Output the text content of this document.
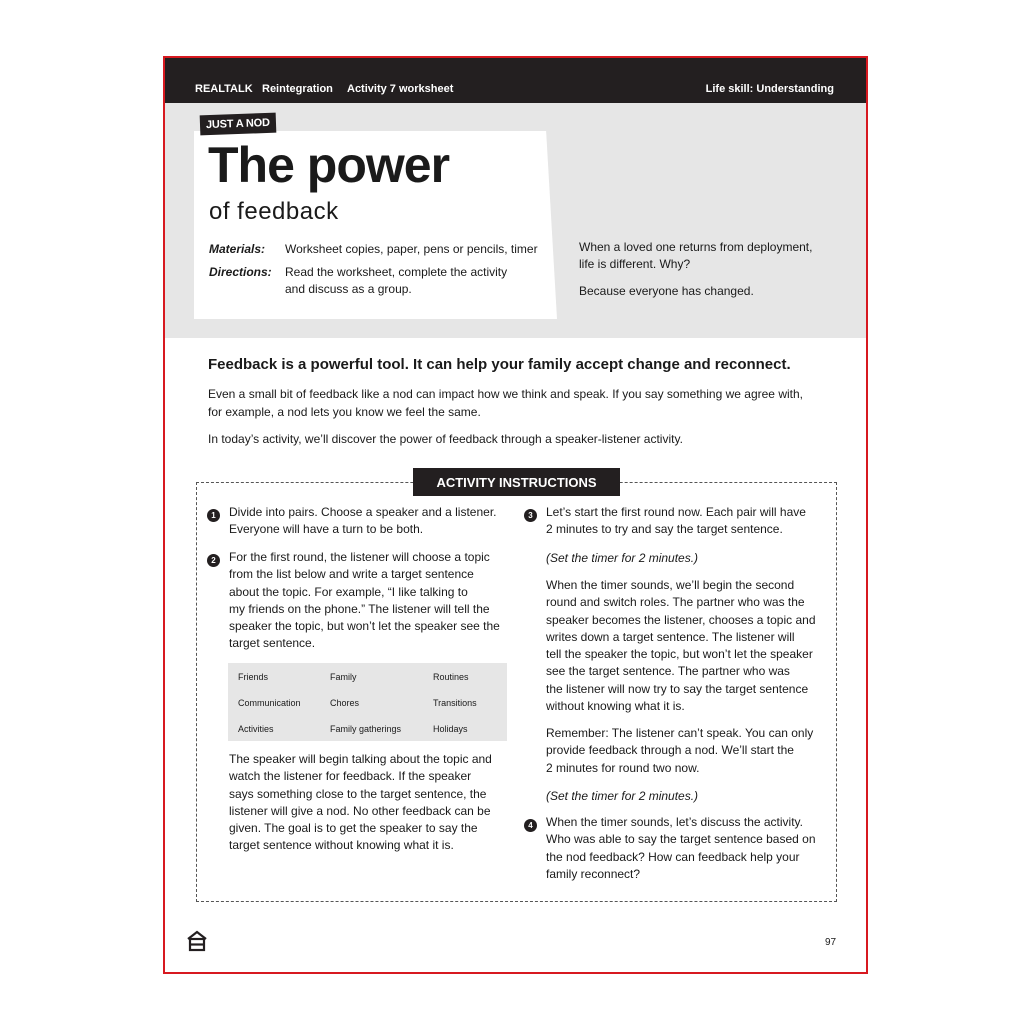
REALTALK Reintegration Activity 7 worksheet	Life skill: Understanding
When a loved one returns from deployment,
life is different. Why?
Because everyone has changed.
JUST A NOD
The power
of feedback
Materials: Worksheet copies, paper, pens or pencils, timer
Directions: Read the worksheet, complete the activity
and discuss as a group.
Feedback is a powerful tool. It can help your family accept change and reconnect.
Even a small bit of feedback like a nod can impact how we think and speak. If you say something we agree with,
for example, a nod lets you know we feel the same.
In today’s activity, we’ll discover the power of feedback through a speaker-listener activity.
ACTIVITY INSTRUCTIONS
1	Divide into pairs. Choose a speaker and a listener.
Everyone will have a turn to be both.
2	For the first round, the listener will choose a topic
from the list below and write a target sentence
about the topic. For example, “I like talking to
my friends on the phone.” The listener will tell the
speaker the topic, but won’t let the speaker see the
target sentence.
Friends	Family	Routines
Communication	Chores	Transitions
Activities	Family gatherings	Holidays
The speaker will begin talking about the topic and
watch the listener for feedback. If the speaker
says something close to the target sentence, the
listener will give a nod. No other feedback can be
given. The goal is to get the speaker to say the
target sentence without knowing what it is.
3	Let’s start the first round now. Each pair will have
2 minutes to try and say the target sentence.
(Set the timer for 2 minutes.)
When the timer sounds, we’ll begin the second
round and switch roles. The partner who was the
speaker becomes the listener, chooses a topic and
writes down a target sentence. The listener will
tell the speaker the topic, but won’t let the speaker
see the target sentence. The partner who was
the listener will now try to say the target sentence
without knowing what it is.
Remember: The listener can’t speak. You can only
provide feedback through a nod. We’ll start the
2 minutes for round two now.
(Set the timer for 2 minutes.)
4	When the timer sounds, let’s discuss the activity.
Who was able to say the target sentence based on
the nod feedback? How can feedback help your
family reconnect?
97
